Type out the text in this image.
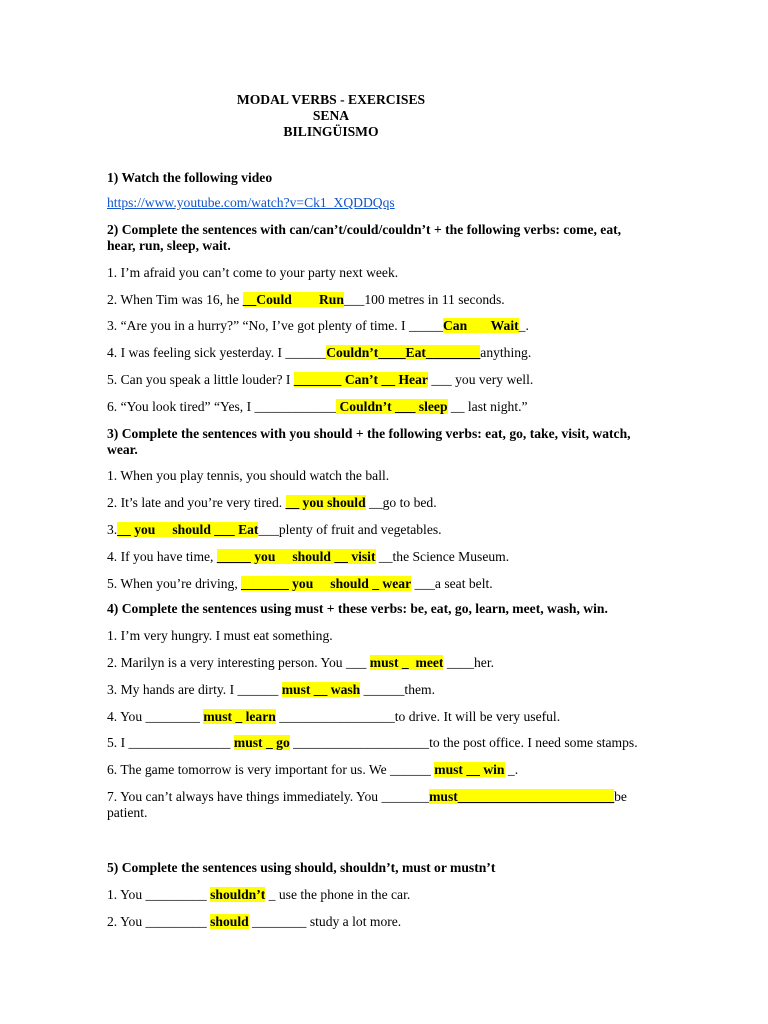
MODAL VERBS - EXERCISES
SENA
BILINGÜISMO
1) Watch the following video
https://www.youtube.com/watch?v=Ck1_XQDDQqs
2) Complete the sentences with can/can’t/could/couldn’t + the following verbs: come, eat,
hear, run, sleep, wait.
1. I’m afraid you can’t come to your party next week.
2. When Tim was 16, he __Could        Run___100 metres in 11 seconds.
3. “Are you in a hurry?” “No, I’ve got plenty of time. I _____Can       Wait_.
4. I was feeling sick yesterday. I ______Couldn’t____Eat________anything.
5. Can you speak a little louder? I _______ Can’t __ Hear ___ you very well.
6. “You look tired” “Yes, I ____________ Couldn’t ___ sleep __ last night.”
3) Complete the sentences with you should + the following verbs: eat, go, take, visit, watch,
wear.
1. When you play tennis, you should watch the ball.
2. It’s late and you’re very tired. __ you should __go to bed.
3.__ you     should ___ Eat___plenty of fruit and vegetables.
4. If you have time, _____ you     should __ visit __the Science Museum.
5. When you’re driving, _______ you     should _ wear ___a seat belt.
4) Complete the sentences using must + these verbs: be, eat, go, learn, meet, wash, win.
1. I’m very hungry. I must eat something.
2. Marilyn is a very interesting person. You ___ must _  meet ____her.
3. My hands are dirty. I ______ must __ wash ______them.
4. You ________ must _ learn _________________to drive. It will be very useful.
5. I _______________ must _ go ____________________to the post office. I need some stamps.
6. The game tomorrow is very important for us. We ______ must __ win _.
7. You can’t always have things immediately. You _______must_______________________be
patient.
5) Complete the sentences using should, shouldn’t, must or mustn’t
1. You _________ shouldn’t _ use the phone in the car.
2. You _________ should ________ study a lot more.
